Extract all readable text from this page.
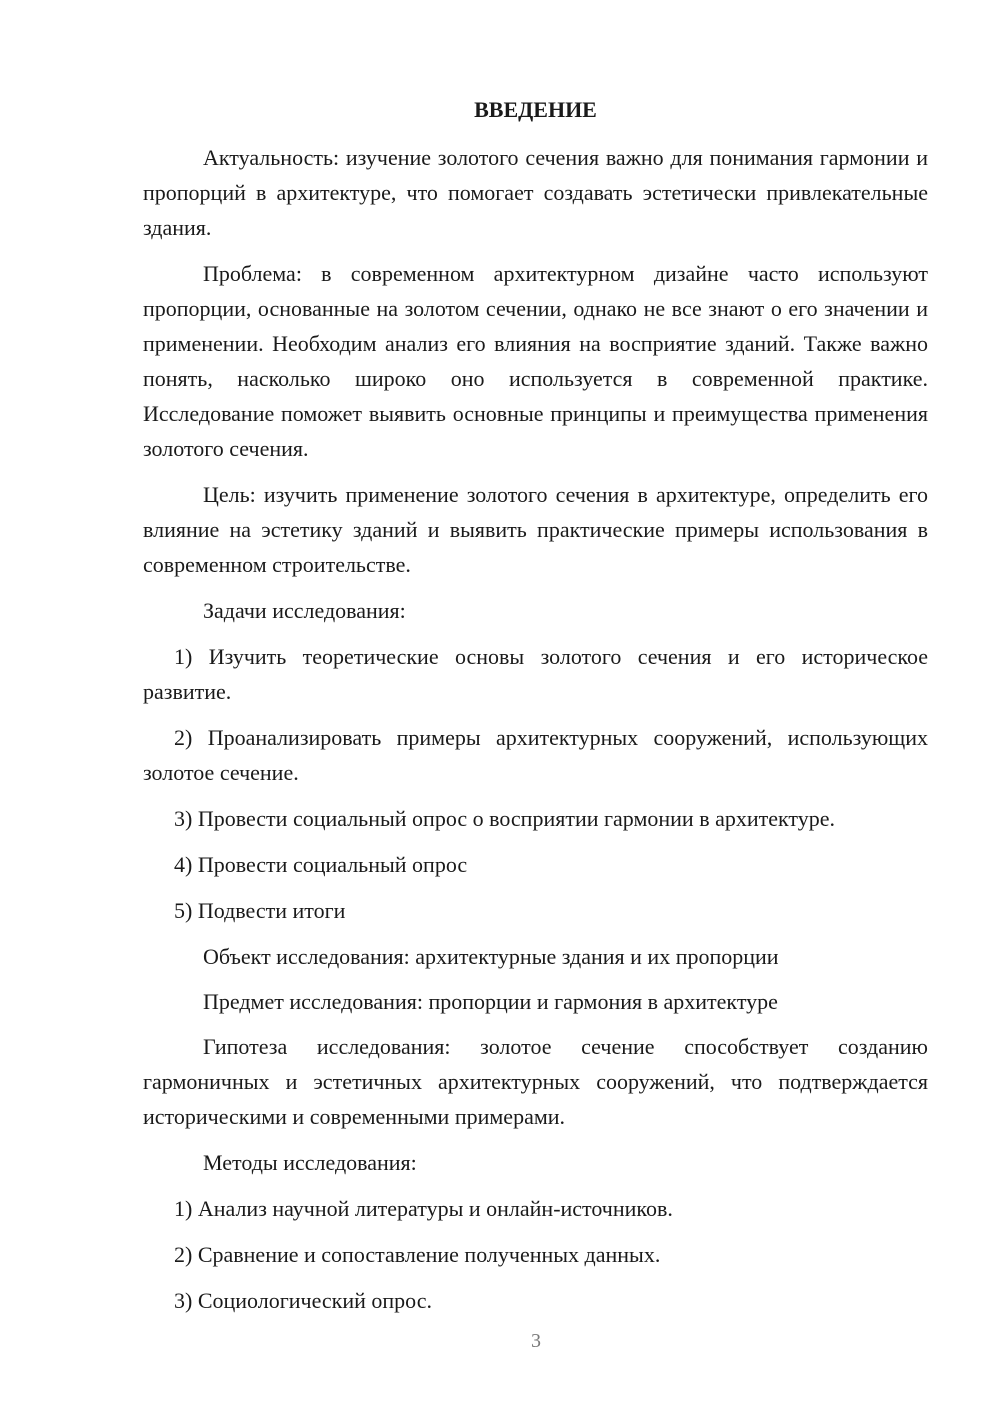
ВВЕДЕНИЕ

Актуальность: изучение золотого сечения важно для понимания гармонии и пропорций в архитектуре, что помогает создавать эстетически привлекательные здания.

Проблема: в современном архитектурном дизайне часто используют пропорции, основанные на золотом сечении, однако не все знают о его значении и применении. Необходим анализ его влияния на восприятие зданий. Также важно понять, насколько широко оно используется в современной практике. Исследование поможет выявить основные принципы и преимущества применения золотого сечения.

Цель: изучить применение золотого сечения в архитектуре, определить его влияние на эстетику зданий и выявить практические примеры использования в современном строительстве.

Задачи исследования:

1) Изучить теоретические основы золотого сечения и его историческое развитие.

2) Проанализировать примеры архитектурных сооружений, использующих золотое сечение.

3) Провести социальный опрос о восприятии гармонии в архитектуре.

4) Провести социальный опрос

5) Подвести итоги

Объект исследования: архитектурные здания и их пропорции

Предмет исследования: пропорции и гармония в архитектуре

Гипотеза исследования: золотое сечение способствует созданию гармоничных и эстетичных архитектурных сооружений, что подтверждается историческими и современными примерами.

Методы исследования:

1) Анализ научной литературы и онлайн-источников.

2) Сравнение и сопоставление полученных данных.

3) Социологический опрос.

3
